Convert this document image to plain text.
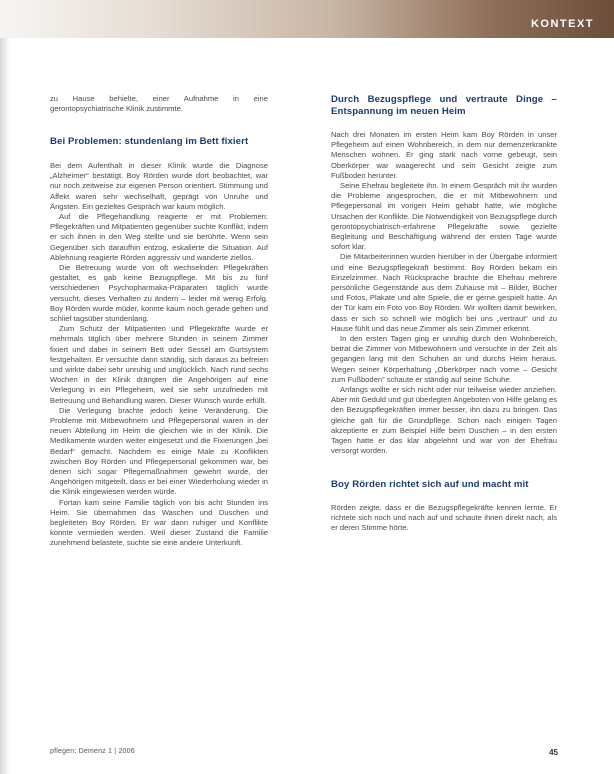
KONTEXT

zu Hause behielte, einer Aufnahme in eine gerontopsychiatrische Klinik zustimmte.

Bei Problemen: stundenlang im Bett fixiert

Bei dem Aufenthalt in dieser Klinik wurde die Diagnose „Alzheimer“ bestätigt. Boy Rörden wurde dort beobachtet, war nur noch zeitweise zur eigenen Person orientiert. Stimmung und Affekt waren sehr wechselhaft, geprägt von Unruhe und Ängsten. Ein gezieltes Gespräch war kaum möglich.

Auf die Pflegehandlung reagierte er mit Problemen: Pflegekräften und Mitpatienten gegenüber suchte Konflikt, indem er sich ihnen in den Weg stellte und sie berührte. Wenn sein Gegenüber sich daraufhin entzog, eskalierte die Situation. Auf Ablehnung reagierte Rörden aggressiv und wanderte ziellos.

Die Betreuung wurde von oft wechselnden Pflegekräften gestaltet, es gab keine Bezugspflege. Mit bis zu fünf verschiedenen Psychopharmaka-Präparaten täglich wurde versucht, dieses Verhalten zu ändern – leider mit wenig Erfolg. Boy Rörden wurde müder, konnte kaum noch gerade gehen und schlief tagsüber stundenlang.

Zum Schutz der Mitpatienten und Pflegekräfte wurde er mehrmals täglich über mehrere Stunden in seinem Zimmer fixiert und dabei in seinem Bett oder Sessel am Gurtsystem festgehalten. Er versuchte dann ständig, sich daraus zu befreien und wirkte dabei sehr unruhig und unglücklich. Nach rund sechs Wochen in der Klinik drängten die Angehörigen auf eine Verlegung in ein Pflegeheim, weil sie sehr unzufrieden mit Betreuung und Behandlung waren. Dieser Wunsch wurde erfüllt.

Die Verlegung brachte jedoch keine Veränderung. Die Probleme mit Mitbewohnern und Pflegepersonal waren in der neuen Abteilung im Heim die gleichen wie in der Klinik. Die Medikamente wurden weiter eingesetzt und die Fixierungen „bei Bedarf“ gemacht. Nachdem es einige Male zu Konflikten zwischen Boy Rörden und Pflegepersonal gekommen war, bei denen sich sogar Pflegemaßnahmen gewehrt wurde, der Angehörigen mitgeteilt, dass er bei einer Wiederholung wieder in die Klinik eingewiesen werden würde.

Fortan kam seine Familie täglich von bis acht Stunden ins Heim. Sie übernahmen das Waschen und Duschen und begleiteten Boy Rörden. Er war dann ruhiger und Konflikte konnte vermieden werden. Weil dieser Zustand die Familie zunehmend belastete, suchte sie eine andere Unterkunft.

Durch Bezugspflege und vertraute Dinge – Entspannung im neuen Heim

Nach drei Monaten im ersten Heim kam Boy Rörden in unser Pflegeheim auf einen Wohnbereich, in dem nur demenzerkrankte Menschen wohnen. Er ging stark nach vorne gebeugt, sein Oberkörper war waagerecht und sein Gesicht zeigte zum Fußboden herunter.

Seine Ehefrau begleitete ihn. In einem Gespräch mit ihr wurden die Probleme angesprochen, die er mit Mitbewohnern und Pflegepersonal im vorigen Heim gehabt hatte, wie mögliche Ursachen der Konflikte. Die Notwendigkeit von Bezugspflege durch gerontopsychiatrisch-erfahrene Pflegekräfte sowie gezielte Begleitung und Beschäftigung während der ersten Tage wurde sofort klar.

Die Mitarbeiterinnen wurden hierüber in der Übergabe informiert und eine Bezugspflegekraft bestimmt. Boy Rörden bekam ein Einzelzimmer. Nach Rücksprache brachte die Ehefrau mehrere persönliche Gegenstände aus dem Zuhause mit – Bilder, Bücher und Fotos, Plakate und alte Spiele, die er gerne gespielt hatte. An der Tür kam ein Foto von Boy Rörden. Wir wollten damit bewirken, dass er sich so schnell wie möglich bei uns „vertraut“ und zu Hause fühlt und das neue Zimmer als sein Zimmer erkennt.

In den ersten Tagen ging er unruhig durch den Wohnbereich, betrat die Zimmer von Mitbewohnern und versuchte in der Zeit als gegangen lang mit den Schuhen an und durchs Heim heraus. Wegen seiner Körperhaltung „Oberkörper nach vorne – Gesicht zum Fußboden“ schaute er ständig auf seine Schuhe.

Anfangs wollte er sich nicht oder nur teilweise wieder anziehen. Aber mit Geduld und gut überlegten Angeboten von Hilfe gelang es den Bezugspflegekräften immer besser, ihn dazu zu bringen. Das gleiche galt für die Grundpflege. Schon nach einigen Tagen akzeptierte er zum Beispiel Hilfe beim Duschen – in den ersten Tagen hatte er das klar abgelehnt und war von der Ehefrau versorgt worden.

Boy Rörden richtet sich auf und macht mit

Rörden zeigte, dass er die Bezugspflegekräfte kennen lernte. Er richtete sich noch und nach auf und schaute ihnen direkt nach, als er deren Stimme hörte.

pflegen: Demenz 1 | 2006	45
